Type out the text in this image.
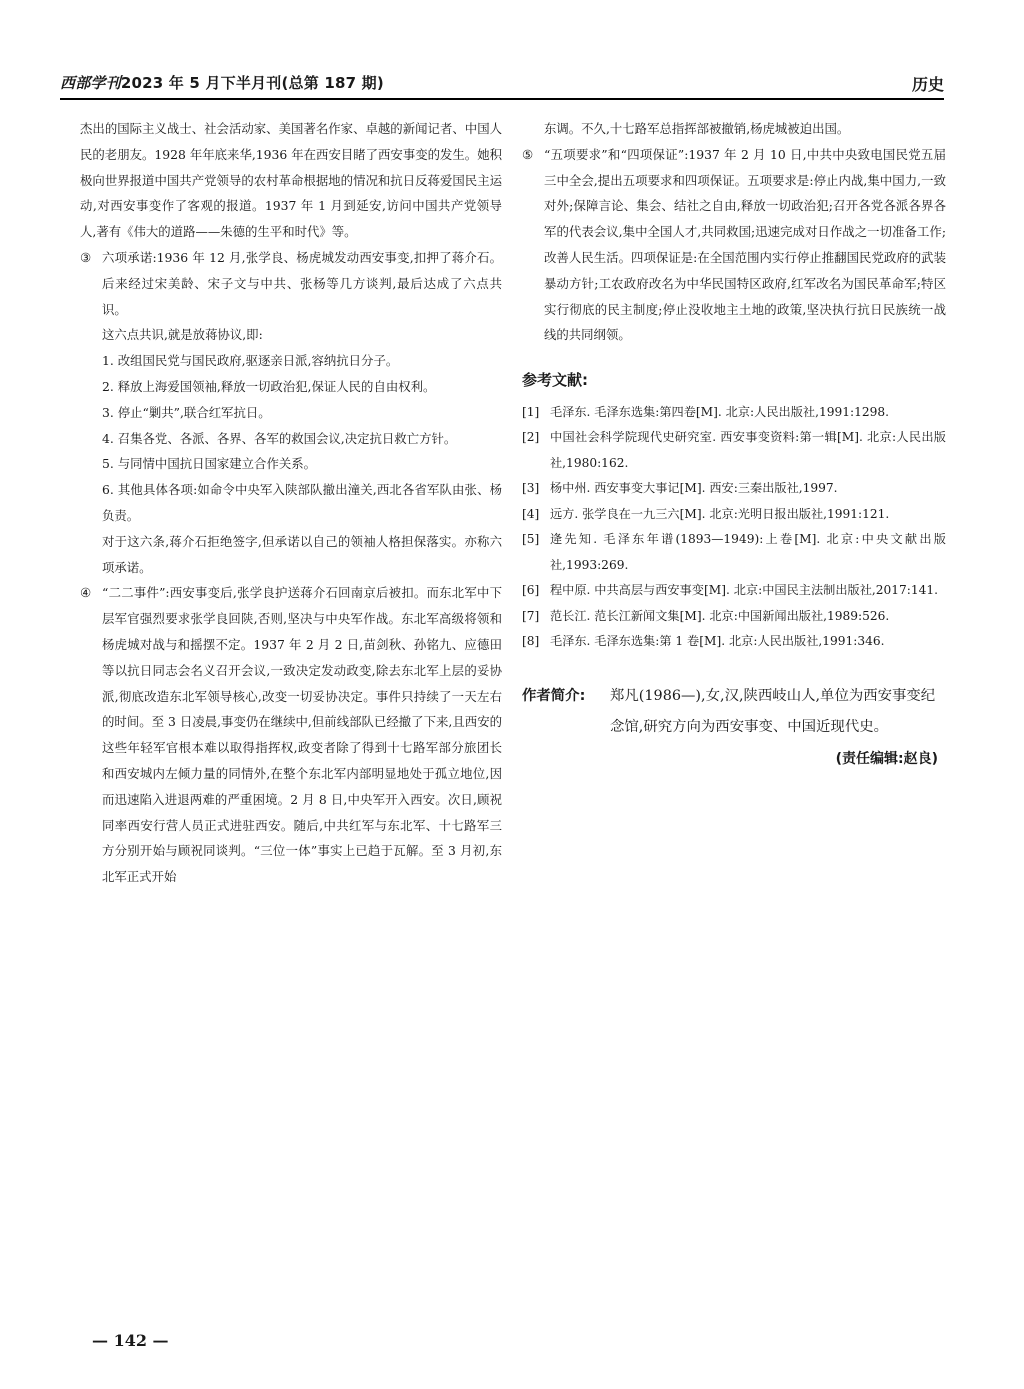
西部学刊2023 年 5 月下半月刊(总第 187 期)	历史

杰出的国际主义战士、社会活动家、美国著名作家、卓越的新闻记者、中国人民的老朋友。1928 年年底来华,1936 年在西安目睹了西安事变的发生。她积极向世界报道中国共产党领导的农村革命根据地的情况和抗日反蒋爱国民主运动,对西安事变作了客观的报道。1937 年 1 月到延安,访问中国共产党领导人,著有《伟大的道路——朱德的生平和时代》等。

③ 六项承诺:1936 年 12 月,张学良、杨虎城发动西安事变,扣押了蒋介石。后来经过宋美龄、宋子文与中共、张杨等几方谈判,最后达成了六点共识。

这六点共识,就是放蒋协议,即:

1. 改组国民党与国民政府,驱逐亲日派,容纳抗日分子。

2. 释放上海爱国领袖,释放一切政治犯,保证人民的自由权利。

3. 停止“剿共”,联合红军抗日。

4. 召集各党、各派、各界、各军的救国会议,决定抗日救亡方针。

5. 与同情中国抗日国家建立合作关系。

6. 其他具体各项:如命令中央军入陕部队撤出潼关,西北各省军队由张、杨负责。

对于这六条,蒋介石拒绝签字,但承诺以自己的领袖人格担保落实。亦称六项承诺。

④ “二二事件”:西安事变后,张学良护送蒋介石回南京后被扣。而东北军中下层军官强烈要求张学良回陕,否则,坚决与中央军作战。东北军高级将领和杨虎城对战与和摇摆不定。1937 年 2 月 2 日,苗剑秋、孙铭九、应德田等以抗日同志会名义召开会议,一致决定发动政变,除去东北军上层的妥协派,彻底改造东北军领导核心,改变一切妥协决定。事件只持续了一天左右的时间。至 3 日凌晨,事变仍在继续中,但前线部队已经撤了下来,且西安的这些年轻军官根本难以取得指挥权,政变者除了得到十七路军部分旅团长和西安城内左倾力量的同情外,在整个东北军内部明显地处于孤立地位,因而迅速陷入进退两难的严重困境。2 月 8 日,中央军开入西安。次日,顾祝同率西安行营人员正式进驻西安。随后,中共红军与东北军、十七路军三方分别开始与顾祝同谈判。“三位一体”事实上已趋于瓦解。至 3 月初,东北军正式开始

东调。不久,十七路军总指挥部被撤销,杨虎城被迫出国。

⑤ “五项要求”和“四项保证”:1937 年 2 月 10 日,中共中央致电国民党五届三中全会,提出五项要求和四项保证。五项要求是:停止内战,集中国力,一致对外;保障言论、集会、结社之自由,释放一切政治犯;召开各党各派各界各军的代表会议,集中全国人才,共同救国;迅速完成对日作战之一切准备工作;改善人民生活。四项保证是:在全国范围内实行停止推翻国民党政府的武装暴动方针;工农政府改名为中华民国特区政府,红军改名为国民革命军;特区实行彻底的民主制度;停止没收地主土地的政策,坚决执行抗日民族统一战线的共同纲领。

参考文献:

[1] 毛泽东. 毛泽东选集:第四卷[M]. 北京:人民出版社,1991:1298.

[2] 中国社会科学院现代史研究室. 西安事变资料:第一辑[M]. 北京:人民出版社,1980:162.

[3] 杨中州. 西安事变大事记[M]. 西安:三秦出版社,1997.

[4] 远方. 张学良在一九三六[M]. 北京:光明日报出版社,1991:121.

[5] 逄先知. 毛泽东年谱(1893—1949):上卷[M]. 北京:中央文献出版社,1993:269.

[6] 程中原. 中共高层与西安事变[M]. 北京:中国民主法制出版社,2017:141.

[7] 范长江. 范长江新闻文集[M]. 北京:中国新闻出版社,1989:526.

[8] 毛泽东. 毛泽东选集:第 1 卷[M]. 北京:人民出版社,1991:346.

作者简介: 郑凡(1986—),女,汉,陕西岐山人,单位为西安事变纪念馆,研究方向为西安事变、中国近现代史。
(责任编辑:赵良)
— 142 —
